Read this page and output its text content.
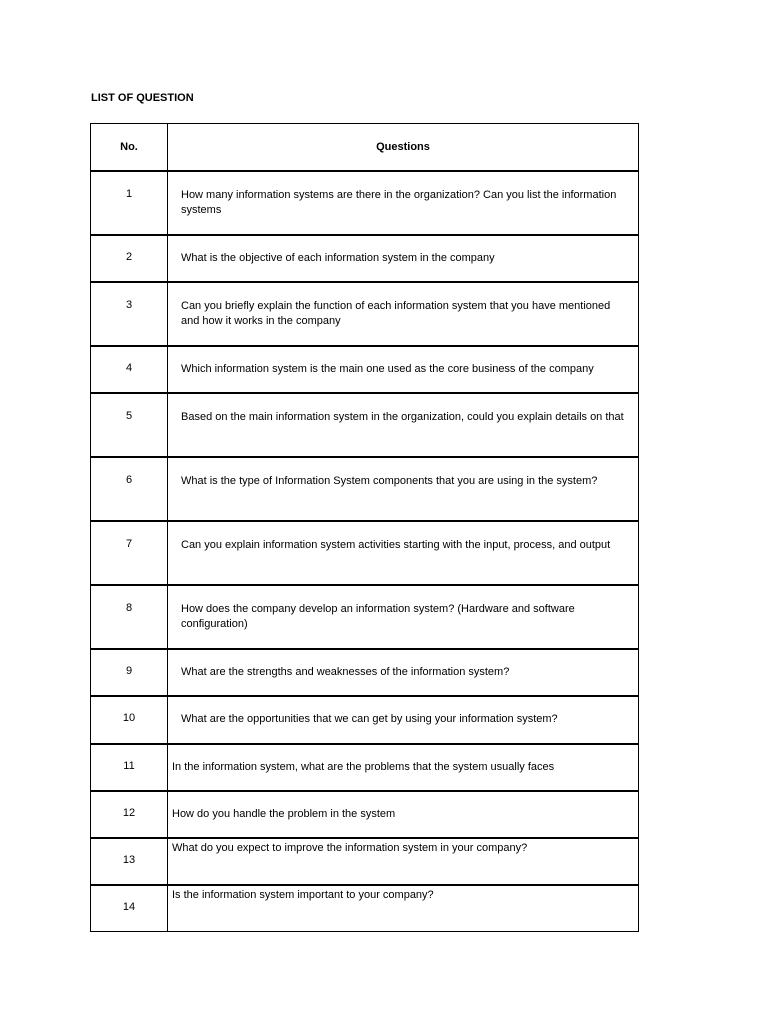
LIST OF QUESTION
No.	Questions

1	How many information systems are there in the organization? Can you list the information systems

2	What is the objective of each information system in the company

3	Can you briefly explain the function of each information system that you have mentioned and how it works in the company

4	Which information system is the main one used as the core business of the company

5	Based on the main information system in the organization, could you explain details on that

6	What is the type of Information System components that you are using in the system?

7	Can you explain information system activities starting with the input, process, and output

8	How does the company develop an information system? (Hardware and software configuration)

9	What are the strengths and weaknesses of the information system?

10	What are the opportunities that we can get by using your information system?

11	In the information system, what are the problems that the system usually faces

12	How do you handle the problem in the system

13	What do you expect to improve the information system in your company?

14	Is the information system important to your company?
